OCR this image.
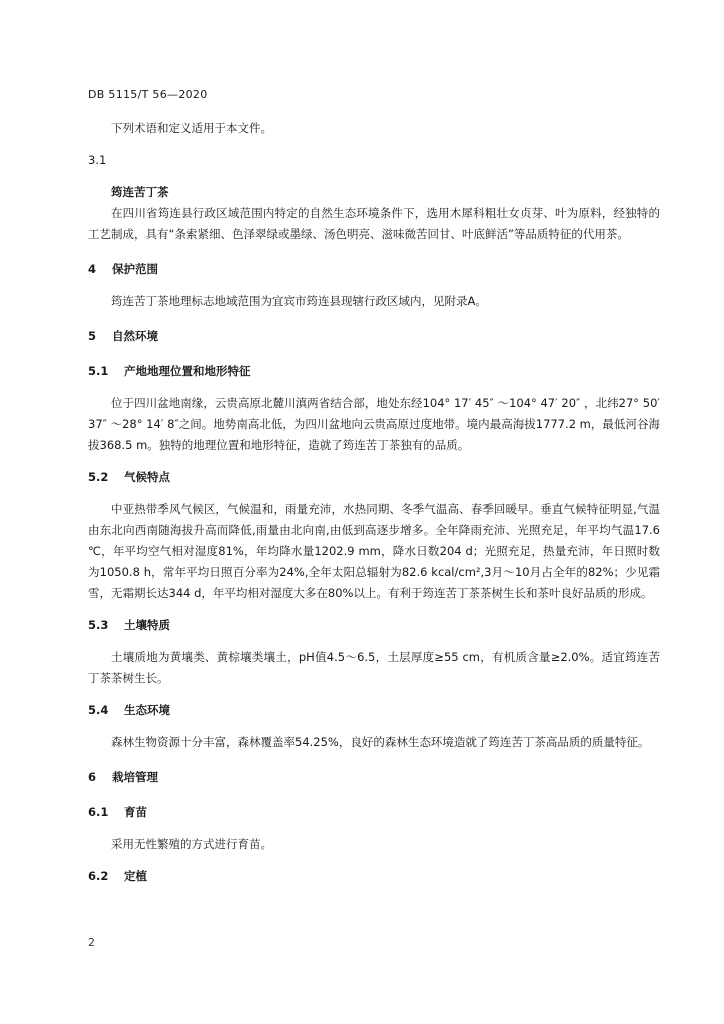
DB 5115/T 56—2020

下列术语和定义适用于本文件。

3.1

筠连苦丁茶

在四川省筠连县行政区域范围内特定的自然生态环境条件下，选用木犀科粗壮女贞芽、叶为原料，经独特的工艺制成，具有“条索紧细、色泽翠绿或墨绿、汤色明亮、滋味微苦回甘、叶底鲜活”等品质特征的代用茶。

4 保护范围

筠连苦丁茶地理标志地域范围为宜宾市筠连县现辖行政区域内，见附录A。

5 自然环境

5.1 产地地理位置和地形特征

位于四川盆地南缘，云贵高原北麓川滇两省结合部，地处东经104° 17′ 45″ ～104° 47′ 20″ ，北纬27° 50′ 37″ ～28° 14′ 8″之间。地势南高北低，为四川盆地向云贵高原过度地带。境内最高海拔1777.2 m，最低河谷海拔368.5 m。独特的地理位置和地形特征，造就了筠连苦丁茶独有的品质。

5.2 气候特点

中亚热带季风气候区，气候温和，雨量充沛，水热同期、冬季气温高、春季回暖早。垂直气候特征明显,气温由东北向西南随海拔升高而降低,雨量由北向南,由低到高逐步增多。全年降雨充沛、光照充足，年平均气温17.6 ℃，年平均空气相对湿度81%，年均降水量1202.9 mm，降水日数204 d；光照充足，热量充沛，年日照时数为1050.8 h，常年平均日照百分率为24%,全年太阳总辐射为82.6 kcal/cm²,3月～10月占全年的82%；少见霜雪，无霜期长达344 d，年平均相对湿度大多在80%以上。有利于筠连苦丁茶茶树生长和茶叶良好品质的形成。

5.3 土壤特质

土壤质地为黄壤类、黄棕壤类壤土，pH值4.5～6.5，土层厚度≥55 cm，有机质含量≥2.0%。适宜筠连苦丁茶茶树生长。

5.4 生态环境

森林生物资源十分丰富，森林覆盖率54.25%，良好的森林生态环境造就了筠连苦丁茶高品质的质量特征。

6 栽培管理

6.1 育苗

采用无性繁殖的方式进行育苗。

6.2 定植

2
